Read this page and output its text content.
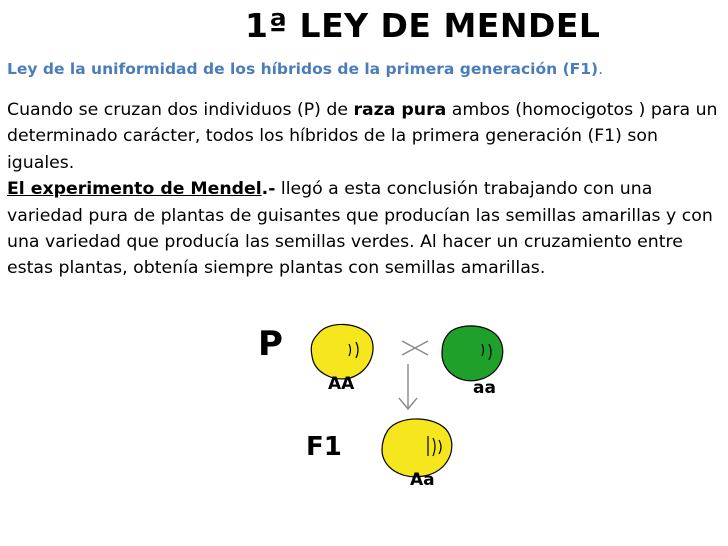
1ª LEY DE MENDEL
Ley de la uniformidad de los híbridos de la primera generación (F1).

Cuando se cruzan dos individuos (P) de raza pura ambos (homocigotos ) para un determinado carácter, todos los híbridos de la primera generación (F1) son iguales.

El experimento de Mendel.- llegó a esta conclusión trabajando con una variedad pura de plantas de guisantes que producían las semillas amarillas y con una variedad que producía las semillas verdes. Al hacer un cruzamiento entre estas plantas, obtenía siempre plantas con semillas amarillas.

P
AA	aa
F1
Aa
